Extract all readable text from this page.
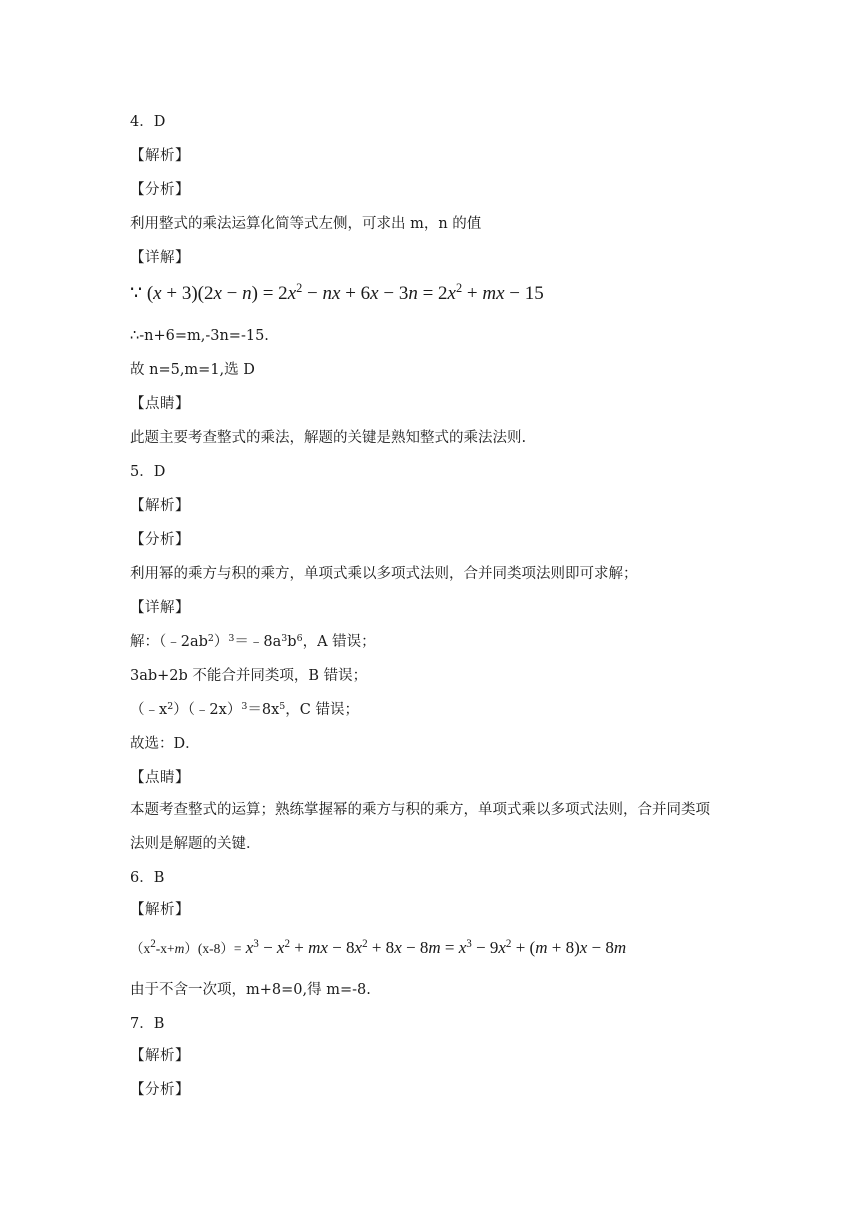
4．D
【解析】
【分析】
利用整式的乘法运算化简等式左侧，可求出 m，n 的值
【详解】
∵ $(x + 3)(2x - n) = 2x^2$ − nx + $6x - 3n = 2x^2$ + mx − 15
∴-n+6=m,-3n=-15.
故 n=5,m=1,选 D
【点睛】
此题主要考查整式的乘法，解题的关键是熟知整式的乘法法则.
5．D
【解析】
【分析】
利用幂的乘方与积的乘方，单项式乘以多项式法则，合并同类项法则即可求解；
【详解】
解：$(﹣2ab^2)^3=﹣8a^3b^6$，A 错误；
3ab+2b 不能合并同类项，B 错误；
$(﹣x^2)(﹣2x)^3=8x^5$，C 错误；
故选：D．
【点睛】
本题考查整式的运算；熟练掌握幂的乘方与积的乘方，单项式乘以多项式法则，合并同类项
法则是解题的关键．
6．B
【解析】
$(x^2-x+m)(x-8)= x^3 - x^2$ + mx − $8x^2 + 8x - 8m = x^3 - 9x^2 + (m + 8)x - 8m$
由于不含一次项，m+8=0,得 m=-8.
7．B
【解析】
【分析】
